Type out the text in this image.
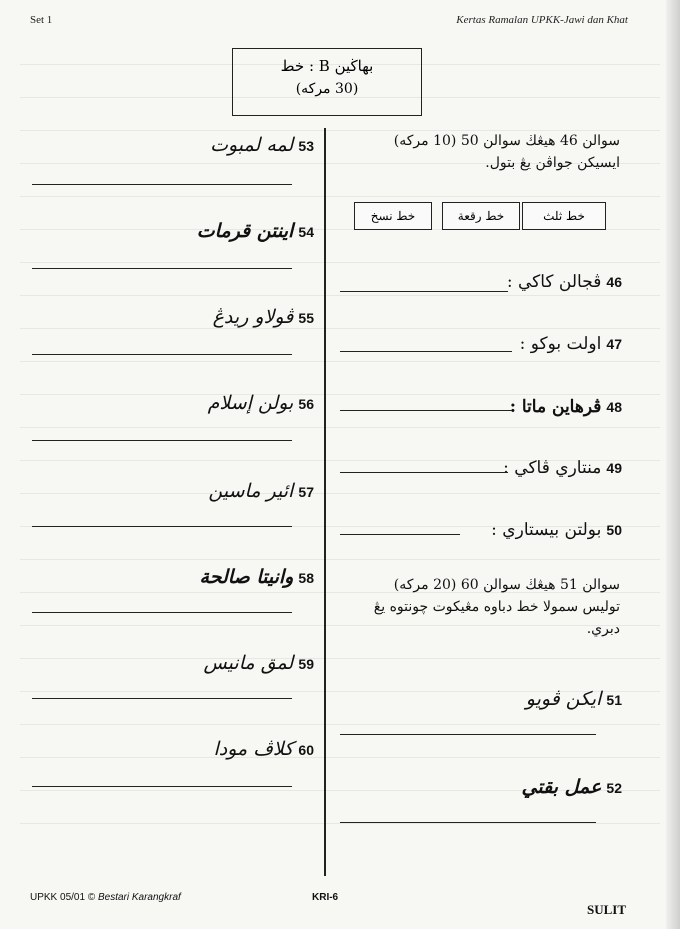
Set 1	Kertas Ramalan UPKK-Jawi dan Khat
بهاڬين B : خط
(30 مرکه)
سوالن 46 هيڠڬ سوالن 50 (10 مرکه)
ايسيکن جواڤن يڠ بتول.
خط ثلث
خط رقعة
خط نسخ
46 ڤجالن کاکي :
47 اولت بوکو :
48 ڤرهاين ماتا :
49 منتاري ڤاکي :
50 بولتن بيستاري :
سوالن 51 هيڠڬ سوالن 60 (20 مرکه)
توليس سمولا خط دباوه مڠيکوت چونتوه يڠ
دبري.
51 ايکن ڤويو
52 عمل بقتي
53 لمه لمبوت
54 اينتن قرمات
55 ڤولاو ريدڠ
56 بولن إسلام
57 ائير ماسين
58 وانيتا صالحة
59 لمق مانيس
60 کلاڤ مودا
UPKK 05/01 © Bestari Karangkraf	KRI-6
SULIT
